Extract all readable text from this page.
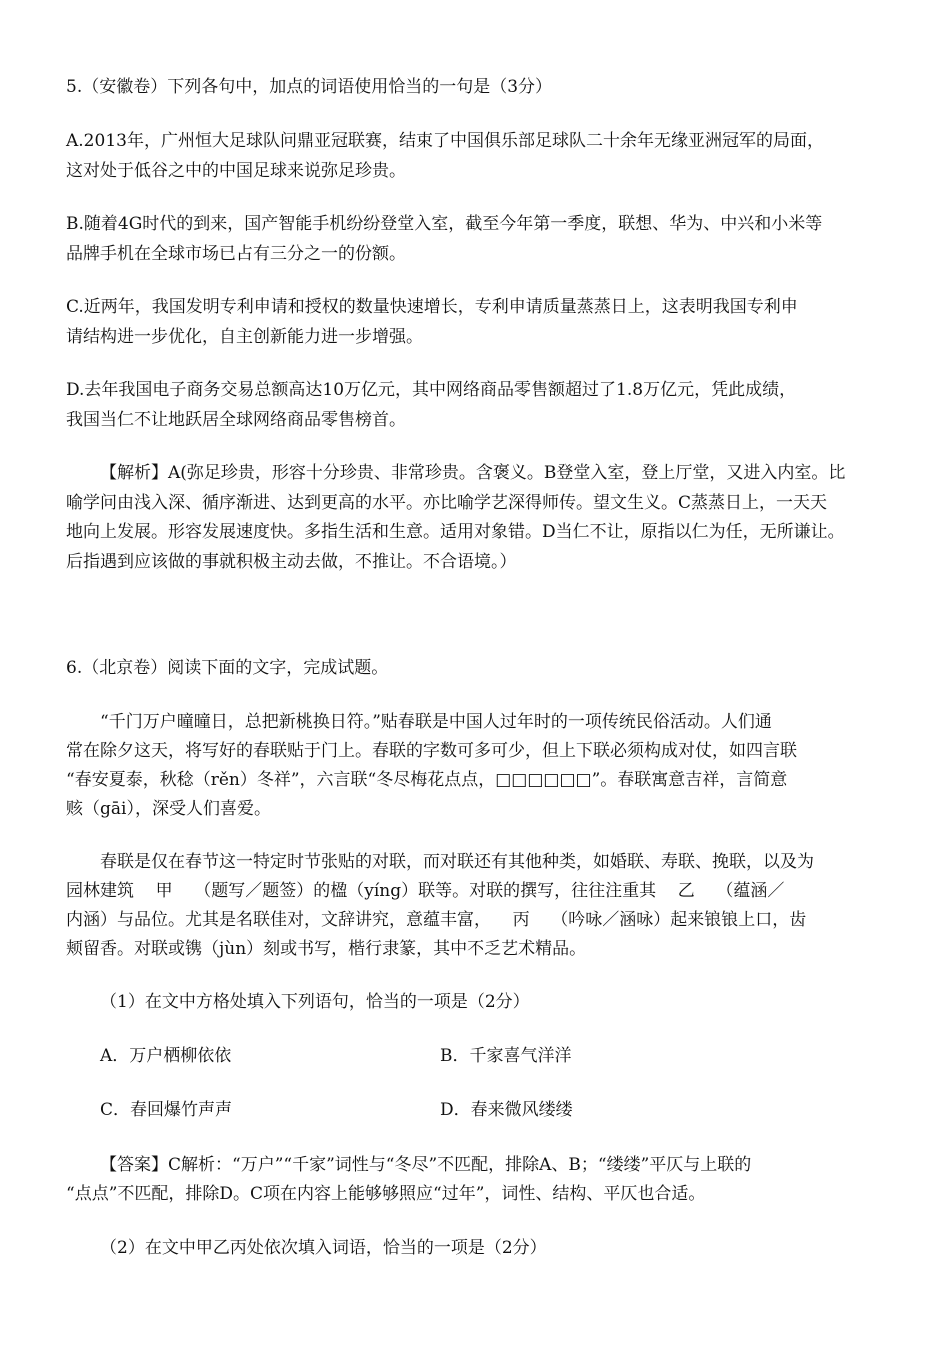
5.（安徽卷）下列各句中，加点的词语使用恰当的一句是（3分）
A.2013年，广州恒大足球队问鼎亚冠联赛，结束了中国俱乐部足球队二十余年无缘亚洲冠军的局面，
这对处于低谷之中的中国足球来说弥足珍贵。
B.随着4G时代的到来，国产智能手机纷纷登堂入室，截至今年第一季度，联想、华为、中兴和小米等
品牌手机在全球市场已占有三分之一的份额。
C.近两年，我国发明专利申请和授权的数量快速增长，专利申请质量蒸蒸日上，这表明我国专利申
请结构进一步优化，自主创新能力进一步增强。
D.去年我国电子商务交易总额高达10万亿元，其中网络商品零售额超过了1.8万亿元，凭此成绩，
我国当仁不让地跃居全球网络商品零售榜首。
【解析】A(弥足珍贵，形容十分珍贵、非常珍贵。含褒义。B登堂入室，登上厅堂，又进入内室。比
喻学问由浅入深、循序渐进、达到更高的水平。亦比喻学艺深得师传。望文生义。C蒸蒸日上，一天天
地向上发展。形容发展速度快。多指生活和生意。适用对象错。D当仁不让，原指以仁为任，无所谦让。
后指遇到应该做的事就积极主动去做，不推让。不合语境。）
6.（北京卷）阅读下面的文字，完成试题。
“千门万户曈曈日，总把新桃换日符。”贴春联是中国人过年时的一项传统民俗活动。人们通
常在除夕这天，将写好的春联贴于门上。春联的字数可多可少，但上下联必须构成对仗，如四言联
“春安夏泰，秋稔（rěn）冬祥”，六言联“冬尽梅花点点，□□□□□□”。春联寓意吉祥，言简意
赅（gāi），深受人们喜爱。
春联是仅在春节这一特定时节张贴的对联，而对联还有其他种类，如婚联、寿联、挽联，以及为
园林建筑    甲    （题写／题签）的楹（yíng）联等。对联的撰写，往往注重其    乙    （蕴涵／
内涵）与品位。尤其是名联佳对，文辞讲究，意蕴丰富，    丙    （吟咏／涵咏）起来锒锒上口，齿
颊留香。对联或镌（jùn）刻或书写，楷行隶篆，其中不乏艺术精品。
（1）在文中方格处填入下列语句，恰当的一项是（2分）
A．万户栖柳依依	B．千家喜气洋洋
C．春回爆竹声声	D．春来微风缕缕
【答案】C解析：“万户”“千家”词性与“冬尽”不匹配，排除A、B；“缕缕”平仄与上联的
“点点”不匹配，排除D。C项在内容上能够够照应“过年”，词性、结构、平仄也合适。
（2）在文中甲乙丙处依次填入词语，恰当的一项是（2分）
